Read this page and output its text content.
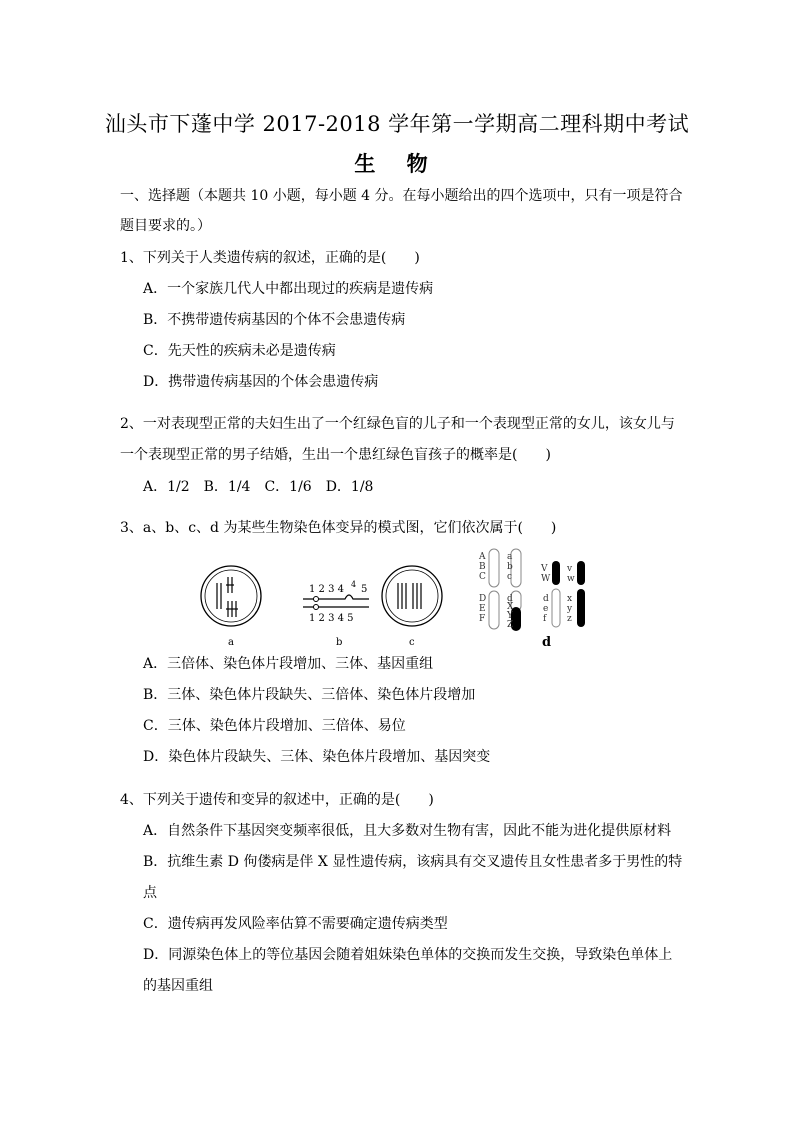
汕头市下蓬中学 2017-2018 学年第一学期高二理科期中考试
生 物
一、选择题（本题共 10 小题，每小题 4 分。在每小题给出的四个选项中，只有一项是符合
题目要求的。）
1、下列关于人类遗传病的叙述，正确的是(　　)
A．一个家族几代人中都出现过的疾病是遗传病
B．不携带遗传病基因的个体不会患遗传病
C．先天性的疾病未必是遗传病
D．携带遗传病基因的个体会患遗传病
2、一对表现型正常的夫妇生出了一个红绿色盲的儿子和一个表现型正常的女儿，该女儿与
一个表现型正常的男子结婚，生出一个患红绿色盲孩子的概率是(　　)
A．1/2　B．1/4　C．1/6　D．1/8
3、a、b、c、d 为某些生物染色体变异的模式图，它们依次属于(　　)
1 2 3 4 4 5
1 2 3 4 5
a	b	c	d
A
B
C
D
E
F
a
b
c
d
X
Y
Z
V
W
d
e
f
v
w
x
y
z
A．三倍体、染色体片段增加、三体、基因重组
B．三体、染色体片段缺失、三倍体、染色体片段增加
C．三体、染色体片段增加、三倍体、易位
D．染色体片段缺失、三体、染色体片段增加、基因突变
4、下列关于遗传和变异的叙述中，正确的是(　　)
A．自然条件下基因突变频率很低，且大多数对生物有害，因此不能为进化提供原材料
B．抗维生素 D 佝偻病是伴 X 显性遗传病，该病具有交叉遗传且女性患者多于男性的特
点
C．遗传病再发风险率估算不需要确定遗传病类型
D．同源染色体上的等位基因会随着姐妹染色单体的交换而发生交换，导致染色单体上
的基因重组
